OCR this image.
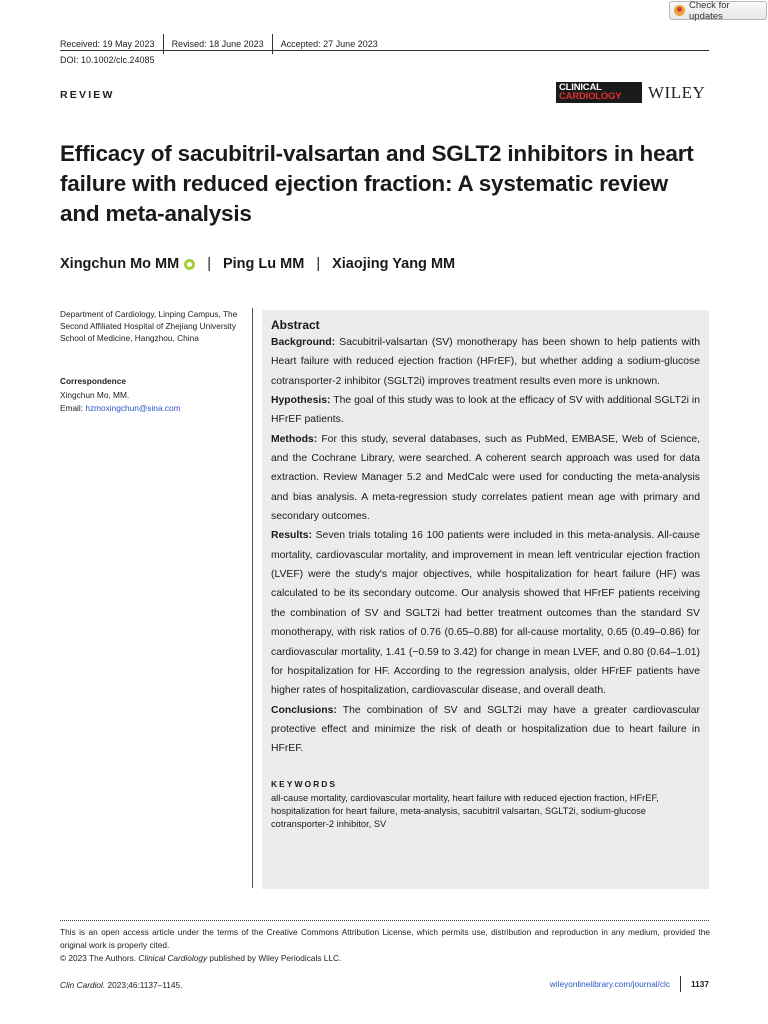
Check for updates
Received: 19 May 2023	Revised: 18 June 2023	Accepted: 27 June 2023
DOI: 10.1002/clc.24085
REVIEW
CLINICAL
CARDIOLOGY	WILEY
Efficacy of sacubitril-valsartan and SGLT2 inhibitors in heart failure with reduced ejection fraction: A systematic review and meta-analysis
Xingchun Mo MM | Ping Lu MM | Xiaojing Yang MM
Department of Cardiology, Linping Campus, The Second Affiliated Hospital of Zhejiang University School of Medicine, Hangzhou, China
Correspondence
Xingchun Mo, MM.
Email: hzmoxingchun@sina.com
Abstract

Background: Sacubitril-valsartan (SV) monotherapy has been shown to help patients with Heart failure with reduced ejection fraction (HFrEF), but whether adding a sodium-glucose cotransporter-2 inhibitor (SGLT2i) improves treatment results even more is unknown.

Hypothesis: The goal of this study was to look at the efficacy of SV with additional SGLT2i in HFrEF patients.

Methods: For this study, several databases, such as PubMed, EMBASE, Web of Science, and the Cochrane Library, were searched. A coherent search approach was used for data extraction. Review Manager 5.2 and MedCalc were used for conducting the meta-analysis and bias analysis. A meta-regression study correlates patient mean age with primary and secondary outcomes.

Results: Seven trials totaling 16 100 patients were included in this meta-analysis. All-cause mortality, cardiovascular mortality, and improvement in mean left ventricular ejection fraction (LVEF) were the study's major objectives, while hospitalization for heart failure (HF) was calculated to be its secondary outcome. Our analysis showed that HFrEF patients receiving the combination of SV and SGLT2i had better treatment outcomes than the standard SV monotherapy, with risk ratios of 0.76 (0.65–0.88) for all-cause mortality, 0.65 (0.49–0.86) for cardiovascular mortality, 1.41 (−0.59 to 3.42) for change in mean LVEF, and 0.80 (0.64–1.01) for hospitalization for HF. According to the regression analysis, older HFrEF patients have higher rates of hospitalization, cardiovascular disease, and overall death.

Conclusions: The combination of SV and SGLT2i may have a greater cardiovascular protective effect and minimize the risk of death or hospitalization due to heart failure in HFrEF.

KEYWORDS
all-cause mortality, cardiovascular mortality, heart failure with reduced ejection fraction, HFrEF, hospitalization for heart failure, meta-analysis, sacubitril valsartan, SGLT2i, sodium-glucose cotransporter-2 inhibitor, SV
This is an open access article under the terms of the Creative Commons Attribution License, which permits use, distribution and reproduction in any medium, provided the original work is properly cited.
© 2023 The Authors. Clinical Cardiology published by Wiley Periodicals LLC.
Clin Cardiol. 2023;46:1137–1145.	wileyonlinelibrary.com/journal/clc	1137
